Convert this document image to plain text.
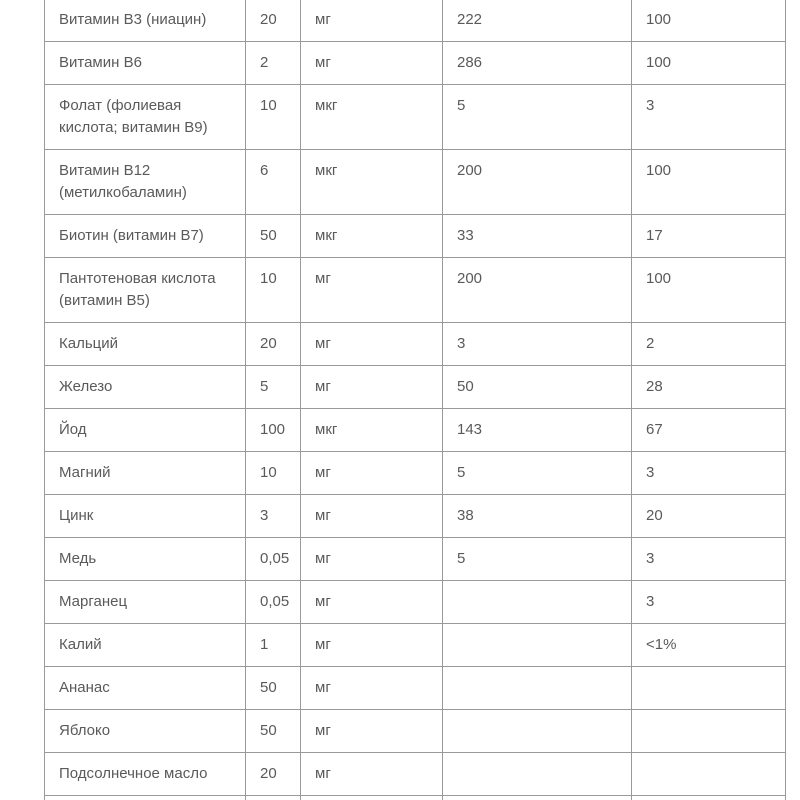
Витамин В3 (ниацин)	20	мг	222	100
Витамин В6	2	мг	286	100
Фолат (фолиевая кислота; витамин В9)	10	мкг	5	3
Витамин В12 (метилкобаламин)	6	мкг	200	100
Биотин (витамин В7)	50	мкг	33	17
Пантотеновая кислота (витамин В5)	10	мг	200	100
Кальций	20	мг	3	2
Железо	5	мг	50	28
Йод	100	мкг	143	67
Магний	10	мг	5	3
Цинк	3	мг	38	20
Медь	0,05	мг	5	3
Марганец	0,05	мг		3
Калий	1	мг		<1%
Ананас	50	мг		
Яблоко	50	мг		
Подсолнечное масло	20	мг		
